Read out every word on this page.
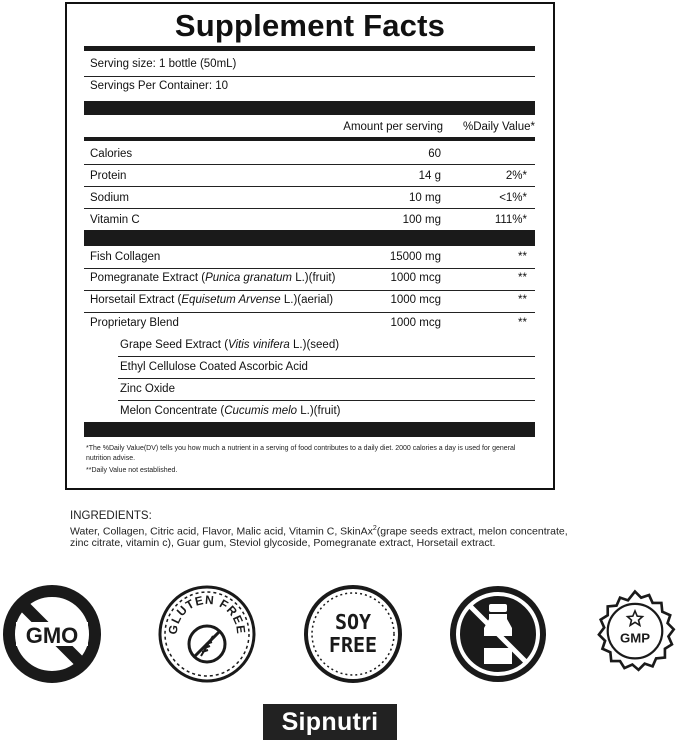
Supplement Facts
Serving size: 1 bottle (50mL)
Servings Per Container: 10
Amount per serving %Daily Value*
Calories	60
Protein	14 g	2%*
Sodium	10 mg	<1%*
Vitamin C	100 mg	111%*
Fish Collagen	15000 mg	**
Pomegranate Extract (Punica granatum L.)(fruit)	1000 mcg	**
Horsetail Extract (Equisetum Arvense L.)(aerial)	1000 mcg	**
Proprietary Blend	1000 mcg	**
Grape Seed Extract (Vitis vinifera L.)(seed)
Ethyl Cellulose Coated Ascorbic Acid
Zinc Oxide
Melon Concentrate (Cucumis melo L.)(fruit)
*The %Daily Value(DV) tells you how much a nutrient in a serving of food contributes to a daily diet. 2000 calories a day is used for general nutrition advise.
**Daily Value not established.
INGREDIENTS:
Water, Collagen, Citric acid, Flavor, Malic acid, Vitamin C, SkinAx$^2$(grape seeds extract, melon concentrate, zinc citrate, vitamin c), Guar gum, Steviol glycoside, Pomegranate extract, Horsetail extract.
GMO	GLUTEN FREE	SOY
FREE	GMP
Sipnutri
